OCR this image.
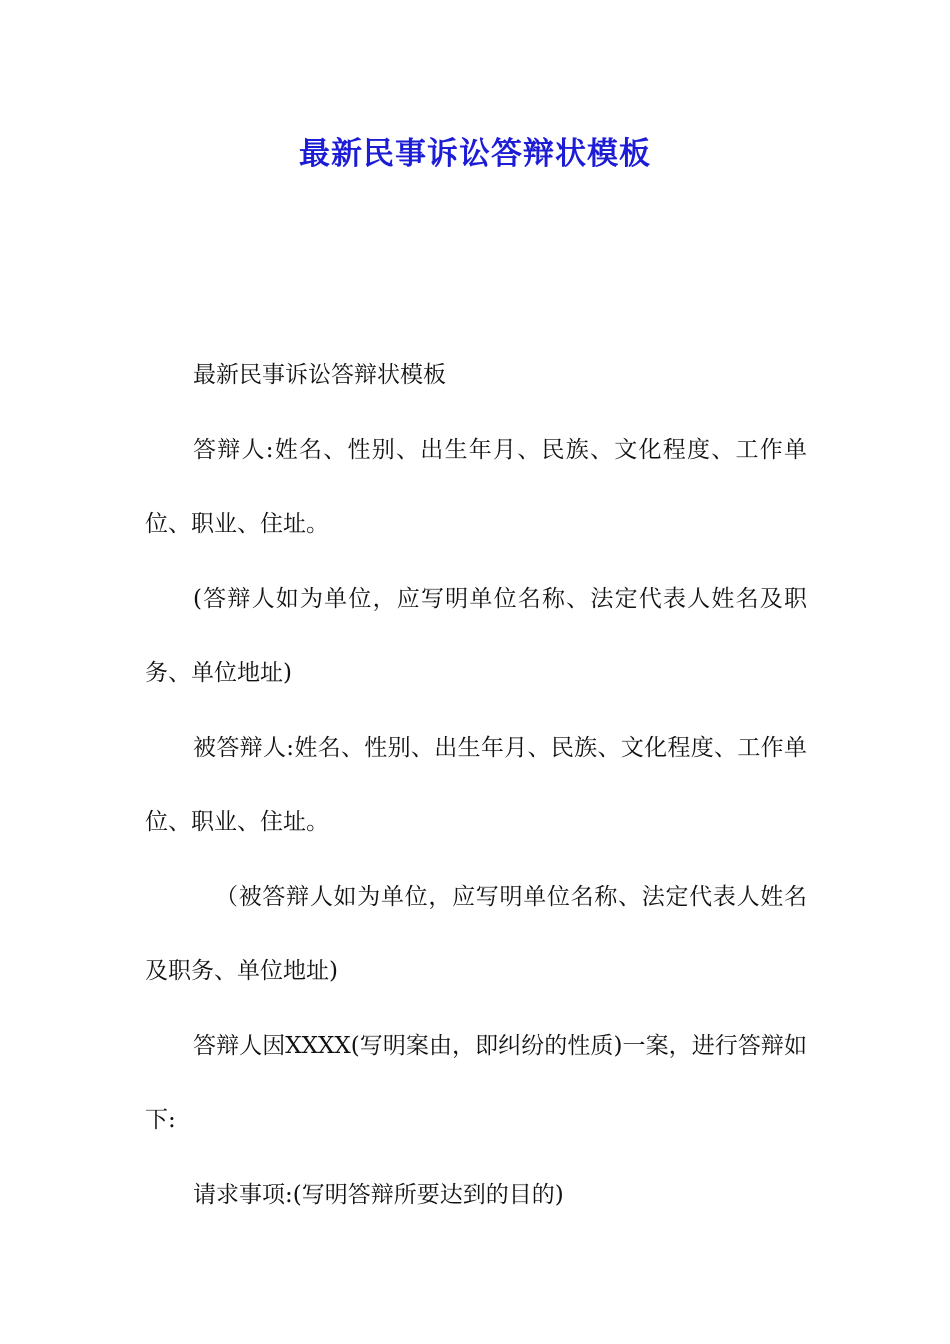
最新民事诉讼答辩状模板

最新民事诉讼答辩状模板

答辩人:姓名、性别、出生年月、民族、文化程度、工作单位、职业、住址。

(答辩人如为单位，应写明单位名称、法定代表人姓名及职务、单位地址)

被答辩人:姓名、性别、出生年月、民族、文化程度、工作单位、职业、住址。

（被答辩人如为单位，应写明单位名称、法定代表人姓名及职务、单位地址)

答辩人因XXXX(写明案由，即纠纷的性质)一案，进行答辩如下:

请求事项:(写明答辩所要达到的目的)
